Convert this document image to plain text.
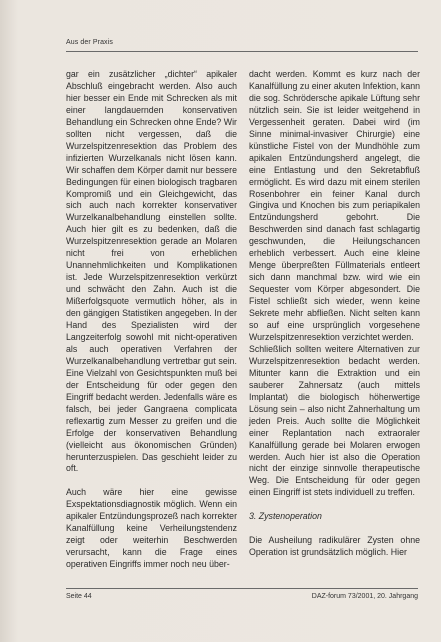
Aus der Praxis

gar ein zusätzlicher „dichter“ apikaler Abschluß eingebracht werden. Also auch hier besser ein Ende mit Schrecken als mit einer langdauernden konservativen Behandlung ein Schrecken ohne Ende? Wir sollten nicht vergessen, daß die Wurzelspitzenresektion das Problem des infizierten Wurzelkanals nicht lösen kann. Wir schaffen dem Körper damit nur bessere Bedingungen für einen biologisch tragbaren Kompromiß und ein Gleichgewicht, das sich auch nach korrekter konservativer Wurzelkanalbehandlung einstellen sollte. Auch hier gilt es zu bedenken, daß die Wurzelspitzenresektion gerade an Molaren nicht frei von erheblichen Unannehmlichkeiten und Komplikationen ist. Jede Wurzelspitzenresektion verkürzt und schwächt den Zahn. Auch ist die Mißerfolgsquote vermutlich höher, als in den gängigen Statistiken angegeben. In der Hand des Spezialisten wird der Langzeiterfolg sowohl mit nicht-operativen als auch operativen Verfahren der Wurzelkanalbehandlung vertretbar gut sein. Eine Vielzahl von Gesichtspunkten muß bei der Entscheidung für oder gegen den Eingriff bedacht werden. Jedenfalls wäre es falsch, bei jeder Gangraena complicata reflexartig zum Messer zu greifen und die Erfolge der konservativen Behandlung (vielleicht aus ökonomischen Gründen) herunterzuspielen. Das geschieht leider zu oft.

Auch wäre hier eine gewisse Exspektationsdiagnostik möglich. Wenn ein apikaler Entzündungsprozeß nach korrekter Kanalfüllung keine Verheilungstendenz zeigt oder weiterhin Beschwerden verursacht, kann die Frage eines operativen Eingriffs immer noch neu über-

dacht werden. Kommt es kurz nach der Kanalfüllung zu einer akuten Infektion, kann die sog. Schrödersche apikale Lüftung sehr nützlich sein. Sie ist leider weitgehend in Vergessenheit geraten. Dabei wird (im Sinne minimal-invasiver Chirurgie) eine künstliche Fistel von der Mundhöhle zum apikalen Entzündungsherd angelegt, die eine Entlastung und den Sekretabfluß ermöglicht. Es wird dazu mit einem sterilen Rosenbohrer ein feiner Kanal durch Gingiva und Knochen bis zum periapikalen Entzündungsherd gebohrt. Die Beschwerden sind danach fast schlagartig geschwunden, die Heilungschancen erheblich verbessert. Auch eine kleine Menge überpreßten Füllmaterials entleert sich dann manchmal bzw. wird wie ein Sequester vom Körper abgesondert. Die Fistel schließt sich wieder, wenn keine Sekrete mehr abfließen. Nicht selten kann so auf eine ursprünglich vorgesehene Wurzelspitzenresektion verzichtet werden.

Schließlich sollten weitere Alternativen zur Wurzelspitzenresektion bedacht werden. Mitunter kann die Extraktion und ein sauberer Zahnersatz (auch mittels Implantat) die biologisch höherwertige Lösung sein – also nicht Zahnerhaltung um jeden Preis. Auch sollte die Möglichkeit einer Replantation nach extraoraler Kanalfüllung gerade bei Molaren erwogen werden. Auch hier ist also die Operation nicht der einzige sinnvolle therapeutische Weg. Die Entscheidung für oder gegen einen Eingriff ist stets individuell zu treffen.

3. Zystenoperation

Die Ausheilung radikulärer Zysten ohne Operation ist grundsätzlich möglich. Hier

Seite 44	DAZ-forum 73/2001, 20. Jahrgang
